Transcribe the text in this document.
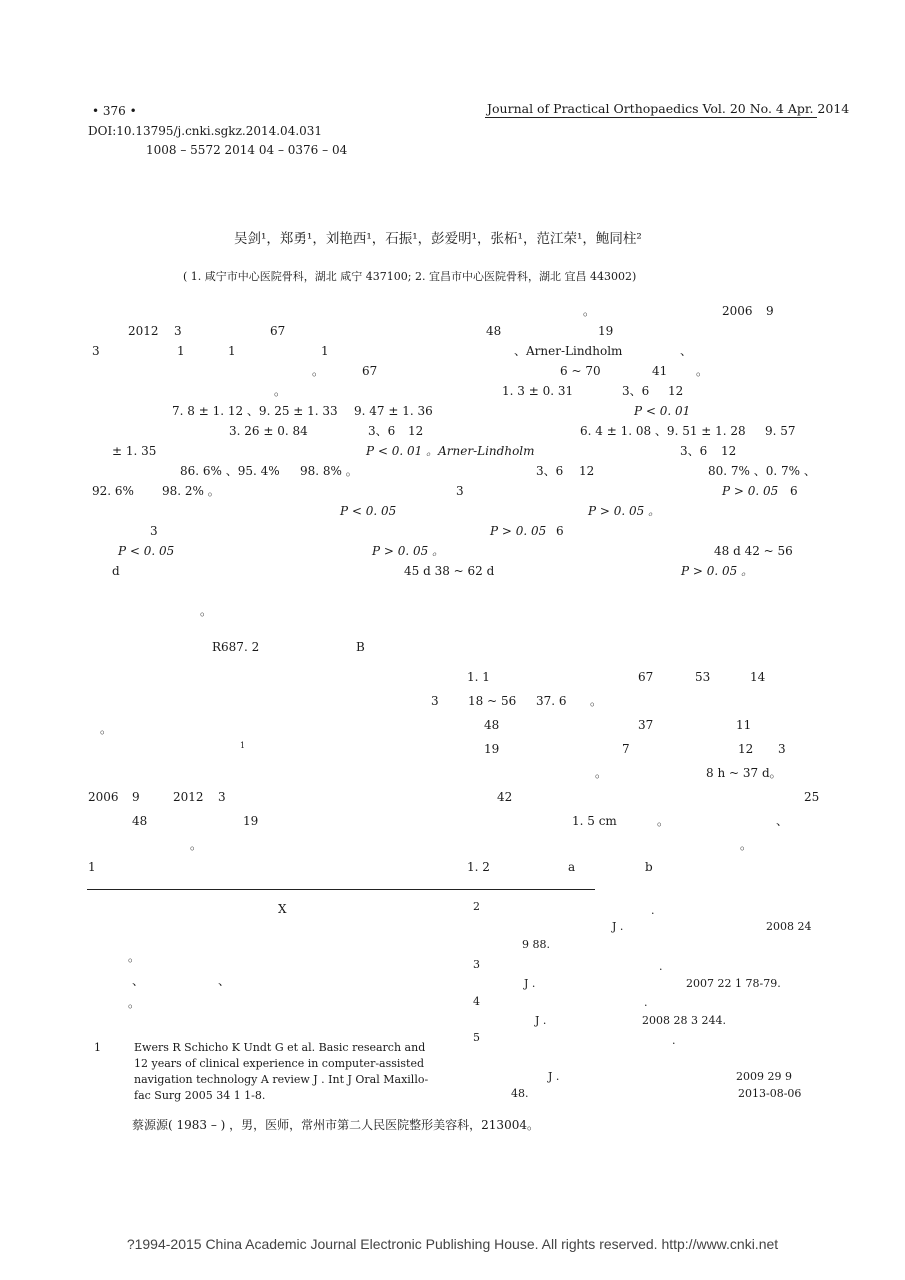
• 376 •	Journal of Practical Orthopaedics Vol. 20 No. 4 Apr. 2014
DOI:10.13795/j.cnki.sgkz.2014.04.031
1008 – 5572 2014 04 – 0376 – 04
吴剑¹，郑勇¹，刘艳西¹，石振¹，彭爱明¹，张柘¹，范江荣¹，鲍同柱²
( 1. 咸宁市中心医院骨科，湖北 咸宁 437100; 2. 宜昌市中心医院骨科，湖北 宜昌 443002)
。	2006 9
2012 3	67	48	19
3	1	1	1	、Arner-Lindholm	、
。	67	6 ~ 70	41 。
。	1. 3 ± 0. 31	3、6 12
7. 8 ± 1. 12 、9. 25 ± 1. 33 9. 47 ± 1. 36	P < 0. 01
3. 26 ± 0. 84	3、6 12	6. 4 ± 1. 08 、9. 51 ± 1. 28 9. 57
± 1. 35	P < 0. 01 。Arner-Lindholm	3、6 12
86. 6% 、95. 4% 98. 8% 。	3、6 12	80. 7% 、0. 7% 、
92. 6% 98. 2% 。	3	P > 0. 05 6
P < 0. 05	P > 0. 05 。
3	P > 0. 05 6
P < 0. 05	P > 0. 05 。	48 d 42 ~ 56
d	45 d 38 ~ 62 d	P > 0. 05 。
。
R687. 2	B
。
1
2006 9	2012 3
48	19
。
1
X
。
、	、
。
1. 1	67	53	14
3 18 ~ 56 37. 6 。
48	37	11
19	7	12 3
。	8 h ~ 37 d。
42	25
1. 5 cm	。	、
。
1. 2	a	b
1	Ewers R Schicho K Undt G et al. Basic research and 12 years of clinical experience in computer-assisted navigation technology A review J . Int J Oral Maxillo-fac Surg 2005 34 1 1-8.
2	.
J .	2008 24
9 88.
3	.
J .	2007 22 1 78-79.
4	.
J .	2008 28 3 244.
5	.
J .	2009 29 9
48.	2013-08-06
蔡源源( 1983 – ) ，男，医师，常州市第二人民医院整形美容科，213004。
?1994-2015 China Academic Journal Electronic Publishing House. All rights reserved. http://www.cnki.net
